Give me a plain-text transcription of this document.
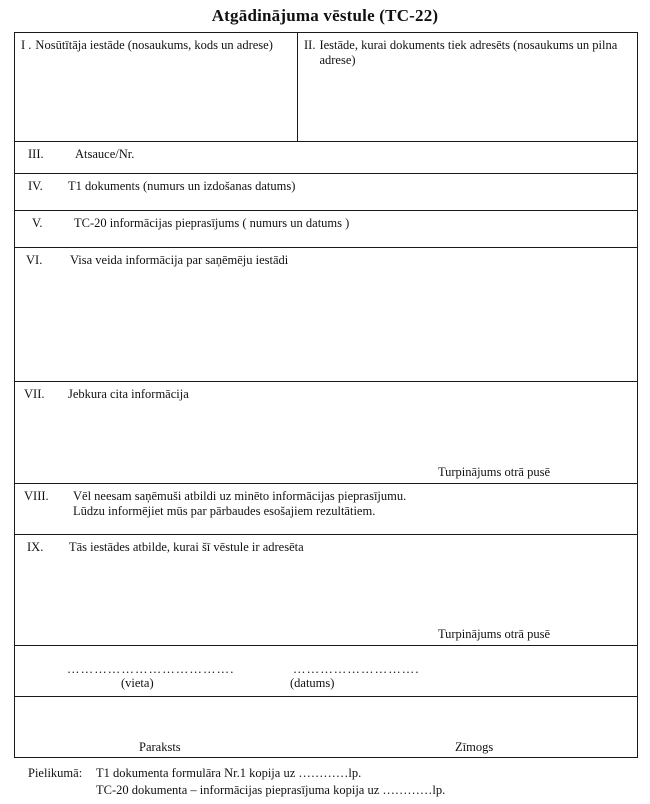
Atgādinājuma vēstule (TC-22)
I . Nosūtītāja iestāde (nosaukums, kods un adrese)	II. Iestāde, kurai dokuments tiek adresēts (nosaukums un pilna adrese)

III.	Atsauce/Nr.

IV.	T1 dokuments (numurs un izdošanas datums)

V.	TC-20 informācijas pieprasījums ( numurs un datums )

VI.	Visa veida informācija par saņēmēju iestādi

VII.	Jebkura cita informācija
Turpinājums otrā pusē

VIII.	Vēl neesam saņēmuši atbildi uz minēto informācijas pieprasījumu.
Lūdzu informējiet mūs par pārbaudes esošajiem rezultātiem.

IX.	Tās iestādes atbilde, kurai šī vēstule ir adresēta
Turpinājums otrā pusē

……………………………….	……………………….
(vieta)	(datums)

Paraksts	Zīmogs
Pielikumā:	T1 dokumenta formulāra Nr.1 kopija uz …………lp.
TC-20 dokumenta – informācijas pieprasījuma kopija uz …………lp.
